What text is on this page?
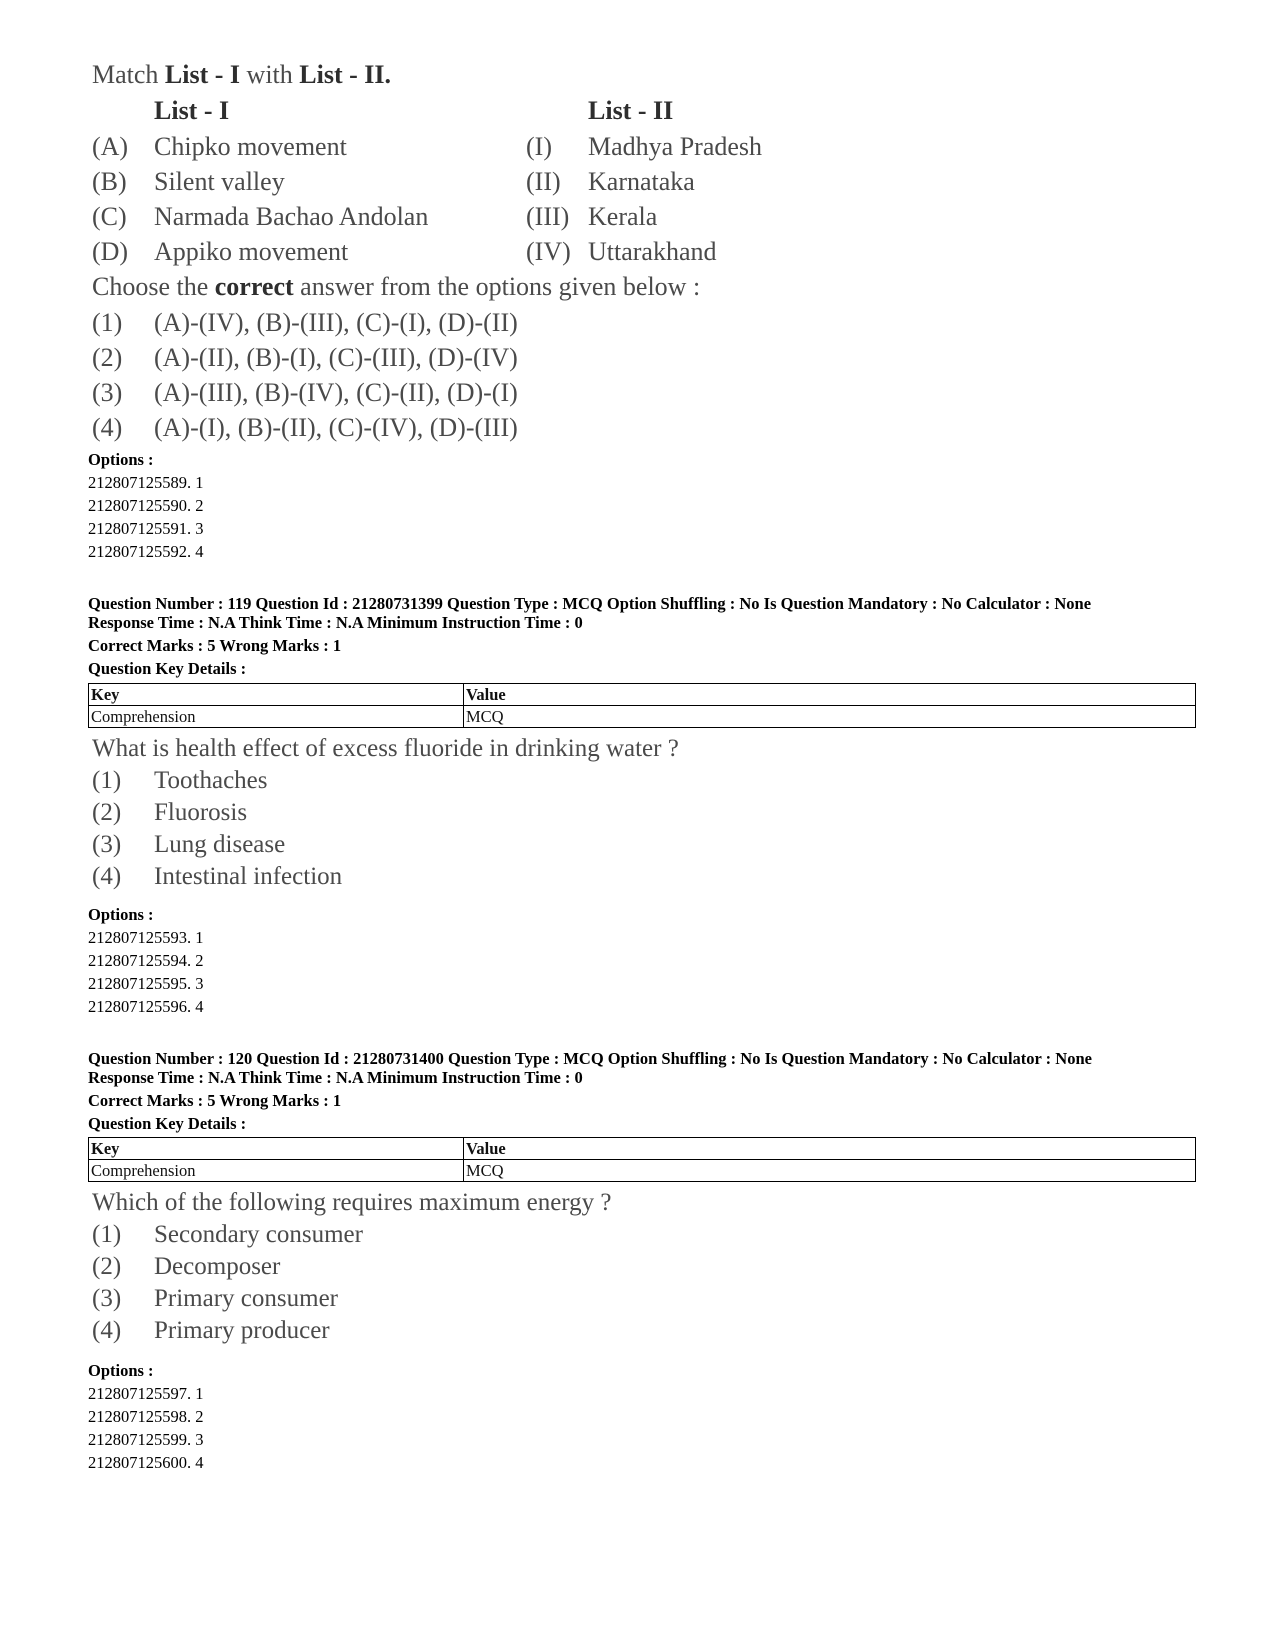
Match List - I with List - II.
List - I	List - II
(A) Chipko movement	(I) Madhya Pradesh
(B) Silent valley	(II) Karnataka
(C) Narmada Bachao Andolan	(III) Kerala
(D) Appiko movement	(IV) Uttarakhand
Choose the correct answer from the options given below :
(1) (A)-(IV), (B)-(III), (C)-(I), (D)-(II)
(2) (A)-(II), (B)-(I), (C)-(III), (D)-(IV)
(3) (A)-(III), (B)-(IV), (C)-(II), (D)-(I)
(4) (A)-(I), (B)-(II), (C)-(IV), (D)-(III)
Options :
212807125589. 1
212807125590. 2
212807125591. 3
212807125592. 4
Question Number : 119 Question Id : 21280731399 Question Type : MCQ Option Shuffling : No Is Question Mandatory : No Calculator : None
Response Time : N.A Think Time : N.A Minimum Instruction Time : 0
Correct Marks : 5 Wrong Marks : 1
Question Key Details :
Key	Value
Comprehension	MCQ
What is health effect of excess fluoride in drinking water ?
(1) Toothaches
(2) Fluorosis
(3) Lung disease
(4) Intestinal infection
Options :
212807125593. 1
212807125594. 2
212807125595. 3
212807125596. 4
Question Number : 120 Question Id : 21280731400 Question Type : MCQ Option Shuffling : No Is Question Mandatory : No Calculator : None
Response Time : N.A Think Time : N.A Minimum Instruction Time : 0
Correct Marks : 5 Wrong Marks : 1
Question Key Details :
Key	Value
Comprehension	MCQ
Which of the following requires maximum energy ?
(1) Secondary consumer
(2) Decomposer
(3) Primary consumer
(4) Primary producer
Options :
212807125597. 1
212807125598. 2
212807125599. 3
212807125600. 4
